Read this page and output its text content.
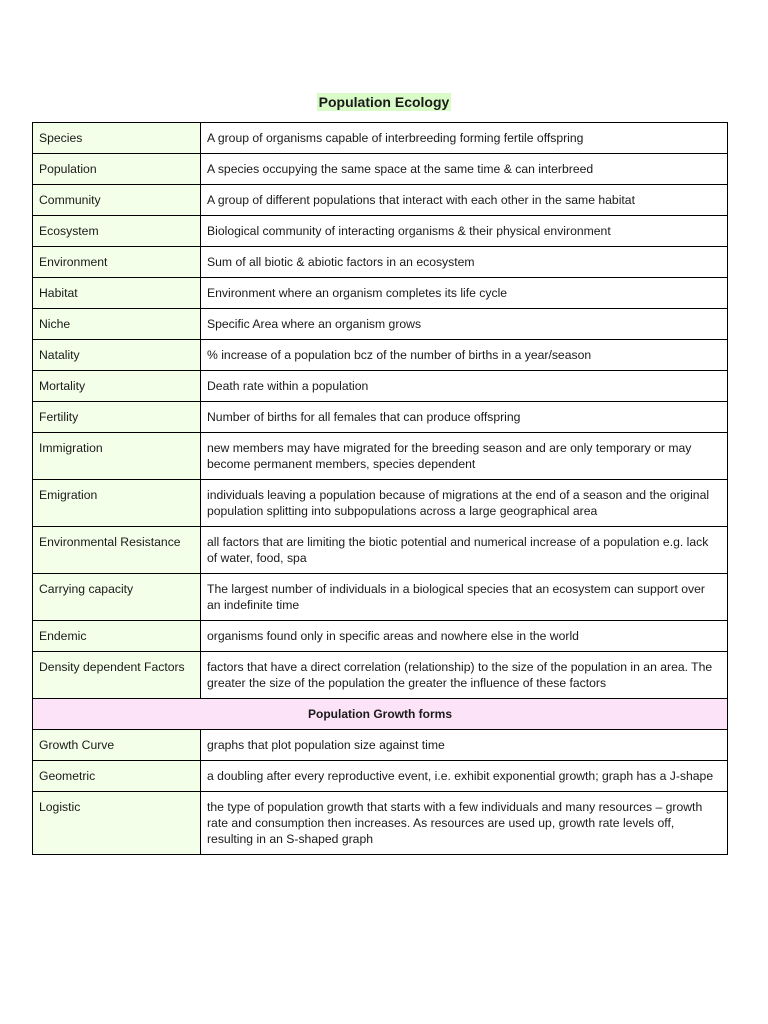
Population Ecology
Species	A group of organisms capable of interbreeding forming fertile offspring
Population	A species occupying the same space at the same time & can interbreed
Community	A group of different populations that interact with each other in the same habitat
Ecosystem	Biological community of interacting organisms & their physical environment
Environment	Sum of all biotic & abiotic factors in an ecosystem
Habitat	Environment where an organism completes its life cycle
Niche	Specific Area where an organism grows
Natality	% increase of a population bcz of the number of births in a year/season
Mortality	Death rate within a population
Fertility	Number of births for all females that can produce offspring
Immigration	new members may have migrated for the breeding season and are only temporary or may become permanent members, species dependent
Emigration	individuals leaving a population because of migrations at the end of a season and the original population splitting into subpopulations across a large geographical area
Environmental Resistance	all factors that are limiting the biotic potential and numerical increase of a population e.g. lack of water, food, spa
Carrying capacity	The largest number of individuals in a biological species that an ecosystem can support over an indefinite time
Endemic	organisms found only in specific areas and nowhere else in the world
Density dependent Factors	factors that have a direct correlation (relationship) to the size of the population in an area. The greater the size of the population the greater the influence of these factors
Population Growth forms	
Growth Curve	graphs that plot population size against time
Geometric	a doubling after every reproductive event, i.e. exhibit exponential growth; graph has a J-shape
Logistic	the type of population growth that starts with a few individuals and many resources – growth rate and consumption then increases. As resources are used up, growth rate levels off, resulting in an S-shaped graph
